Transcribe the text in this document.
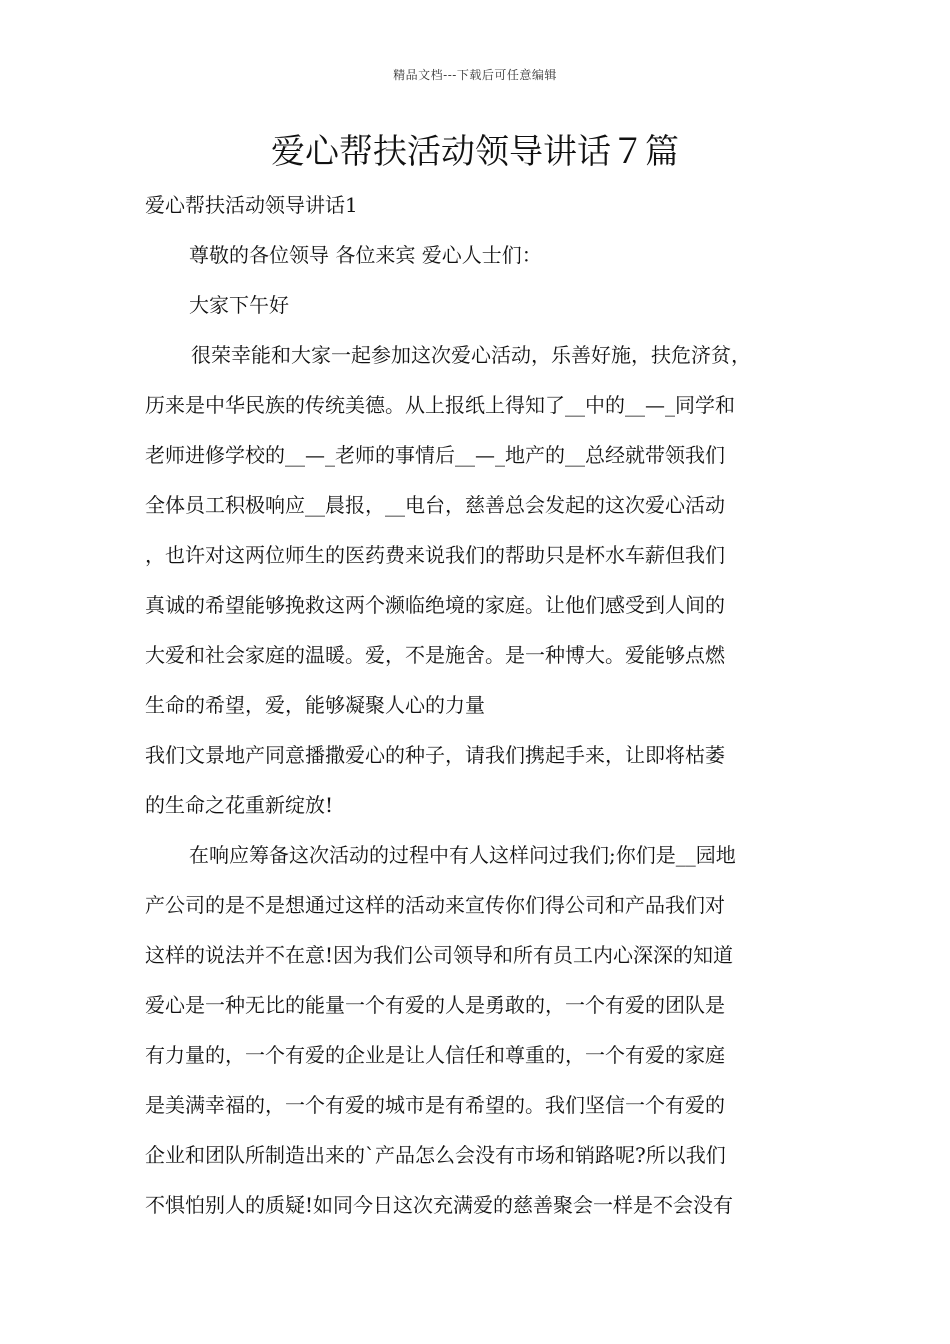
精品文档---下载后可任意编辑
爱心帮扶活动领导讲话７篇
爱心帮扶活动领导讲话1
尊敬的各位领导 各位来宾 爱心人士们：
大家下午好
很荣幸能和大家一起参加这次爱心活动，乐善好施，扶危济贫，
历来是中华民族的传统美德。从上报纸上得知了__中的__—_同学和
老师进修学校的__—_老师的事情后__—_地产的__总经就带领我们
全体员工积极响应__晨报，__电台，慈善总会发起的这次爱心活动
，也许对这两位师生的医药费来说我们的帮助只是杯水车薪但我们
真诚的希望能够挽救这两个濒临绝境的家庭。让他们感受到人间的
大爱和社会家庭的温暖。爱，不是施舍。是一种博大。爱能够点燃
生命的希望，爱，能够凝聚人心的力量
我们文景地产同意播撒爱心的种子，请我们携起手来，让即将枯萎
的生命之花重新绽放!
在响应筹备这次活动的过程中有人这样问过我们;你们是__园地
产公司的是不是想通过这样的活动来宣传你们得公司和产品我们对
这样的说法并不在意!因为我们公司领导和所有员工内心深深的知道
爱心是一种无比的能量一个有爱的人是勇敢的，一个有爱的团队是
有力量的，一个有爱的企业是让人信任和尊重的，一个有爱的家庭
是美满幸福的，一个有爱的城市是有希望的。我们坚信一个有爱的
企业和团队所制造出来的`产品怎么会没有市场和销路呢?所以我们
不惧怕别人的质疑!如同今日这次充满爱的慈善聚会一样是不会没有
